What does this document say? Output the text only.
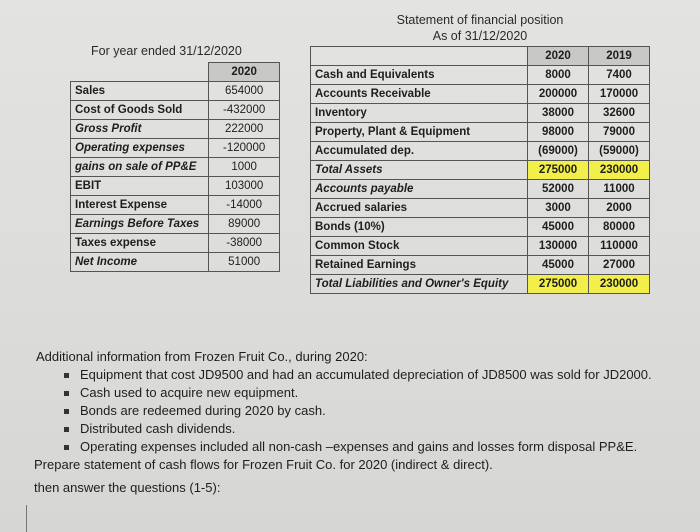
For year ended 31/12/2020
	2020
Sales	654000
Cost of Goods Sold	-432000
Gross Profit	222000
Operating expenses	-120000
gains on sale of PP&E	1000
EBIT	103000
Interest Expense	-14000
Earnings Before Taxes	89000
Taxes expense	-38000
Net Income	51000
Statement of financial position
As of 31/12/2020
	2020	2019
Cash and Equivalents	8000	7400
Accounts Receivable	200000	170000
Inventory	38000	32600
Property, Plant & Equipment	98000	79000
Accumulated dep.	(69000)	(59000)
Total Assets	275000	230000
Accounts payable	52000	11000
Accrued salaries	3000	2000
Bonds (10%)	45000	80000
Common Stock	130000	110000
Retained Earnings	45000	27000
Total Liabilities and Owner's Equity	275000	230000

Additional information from Frozen Fruit Co., during 2020:

Equipment that cost JD9500 and had an accumulated depreciation of JD8500 was sold for JD2000.
Cash used to acquire new equipment.
Bonds are redeemed during 2020 by cash.
Distributed cash dividends.
Operating expenses included all non-cash –expenses and gains and losses form disposal PP&E.

Prepare statement of cash flows for Frozen Fruit Co. for 2020 (indirect & direct).

then answer the questions (1-5):
